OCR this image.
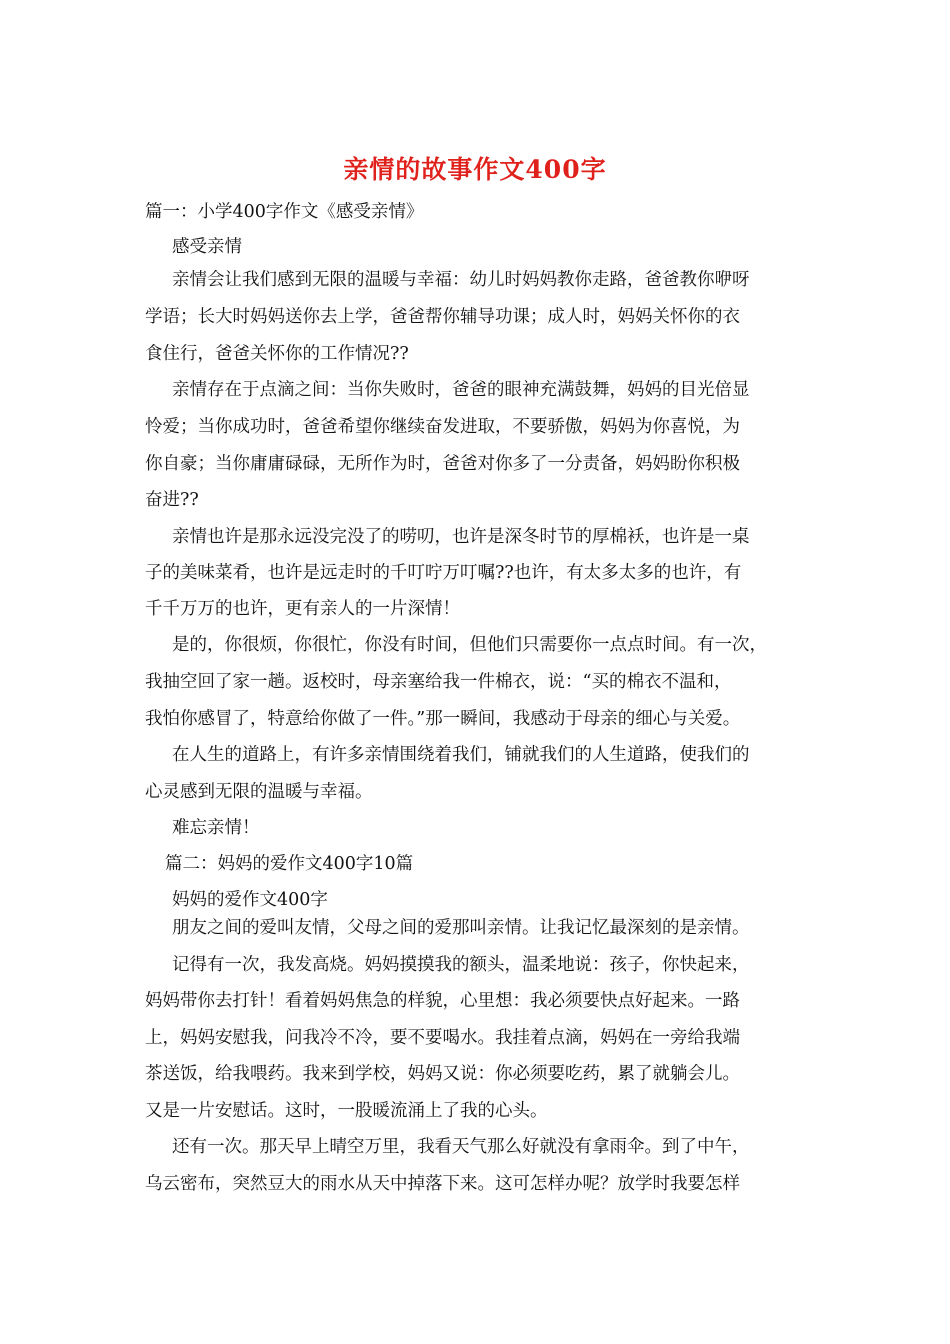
亲情的故事作文400字
篇一：小学400字作文《感受亲情》
感受亲情
亲情会让我们感到无限的温暖与幸福：幼儿时妈妈教你走路，爸爸教你咿呀
学语；长大时妈妈送你去上学，爸爸帮你辅导功课；成人时，妈妈关怀你的衣
食住行，爸爸关怀你的工作情况??
亲情存在于点滴之间：当你失败时，爸爸的眼神充满鼓舞，妈妈的目光倍显
怜爱；当你成功时，爸爸希望你继续奋发进取，不要骄傲，妈妈为你喜悦，为
你自豪；当你庸庸碌碌，无所作为时，爸爸对你多了一分责备，妈妈盼你积极
奋进??
亲情也许是那永远没完没了的唠叨，也许是深冬时节的厚棉袄，也许是一桌
子的美味菜肴，也许是远走时的千叮咛万叮嘱??也许，有太多太多的也许，有
千千万万的也许，更有亲人的一片深情！
是的，你很烦，你很忙，你没有时间，但他们只需要你一点点时间。有一次，
我抽空回了家一趟。返校时，母亲塞给我一件棉衣，说：“买的棉衣不温和，
我怕你感冒了，特意给你做了一件。”那一瞬间，我感动于母亲的细心与关爱。
在人生的道路上，有许多亲情围绕着我们，铺就我们的人生道路，使我们的
心灵感到无限的温暖与幸福。
难忘亲情！
篇二：妈妈的爱作文400字10篇
妈妈的爱作文400字
朋友之间的爱叫友情，父母之间的爱那叫亲情。让我记忆最深刻的是亲情。
记得有一次，我发高烧。妈妈摸摸我的额头，温柔地说：孩子，你快起来，
妈妈带你去打针！看着妈妈焦急的样貌，心里想：我必须要快点好起来。一路
上，妈妈安慰我，问我冷不冷，要不要喝水。我挂着点滴，妈妈在一旁给我端
茶送饭，给我喂药。我来到学校，妈妈又说：你必须要吃药，累了就躺会儿。
又是一片安慰话。这时，一股暖流涌上了我的心头。
还有一次。那天早上晴空万里，我看天气那么好就没有拿雨伞。到了中午，
乌云密布，突然豆大的雨水从天中掉落下来。这可怎样办呢？放学时我要怎样
